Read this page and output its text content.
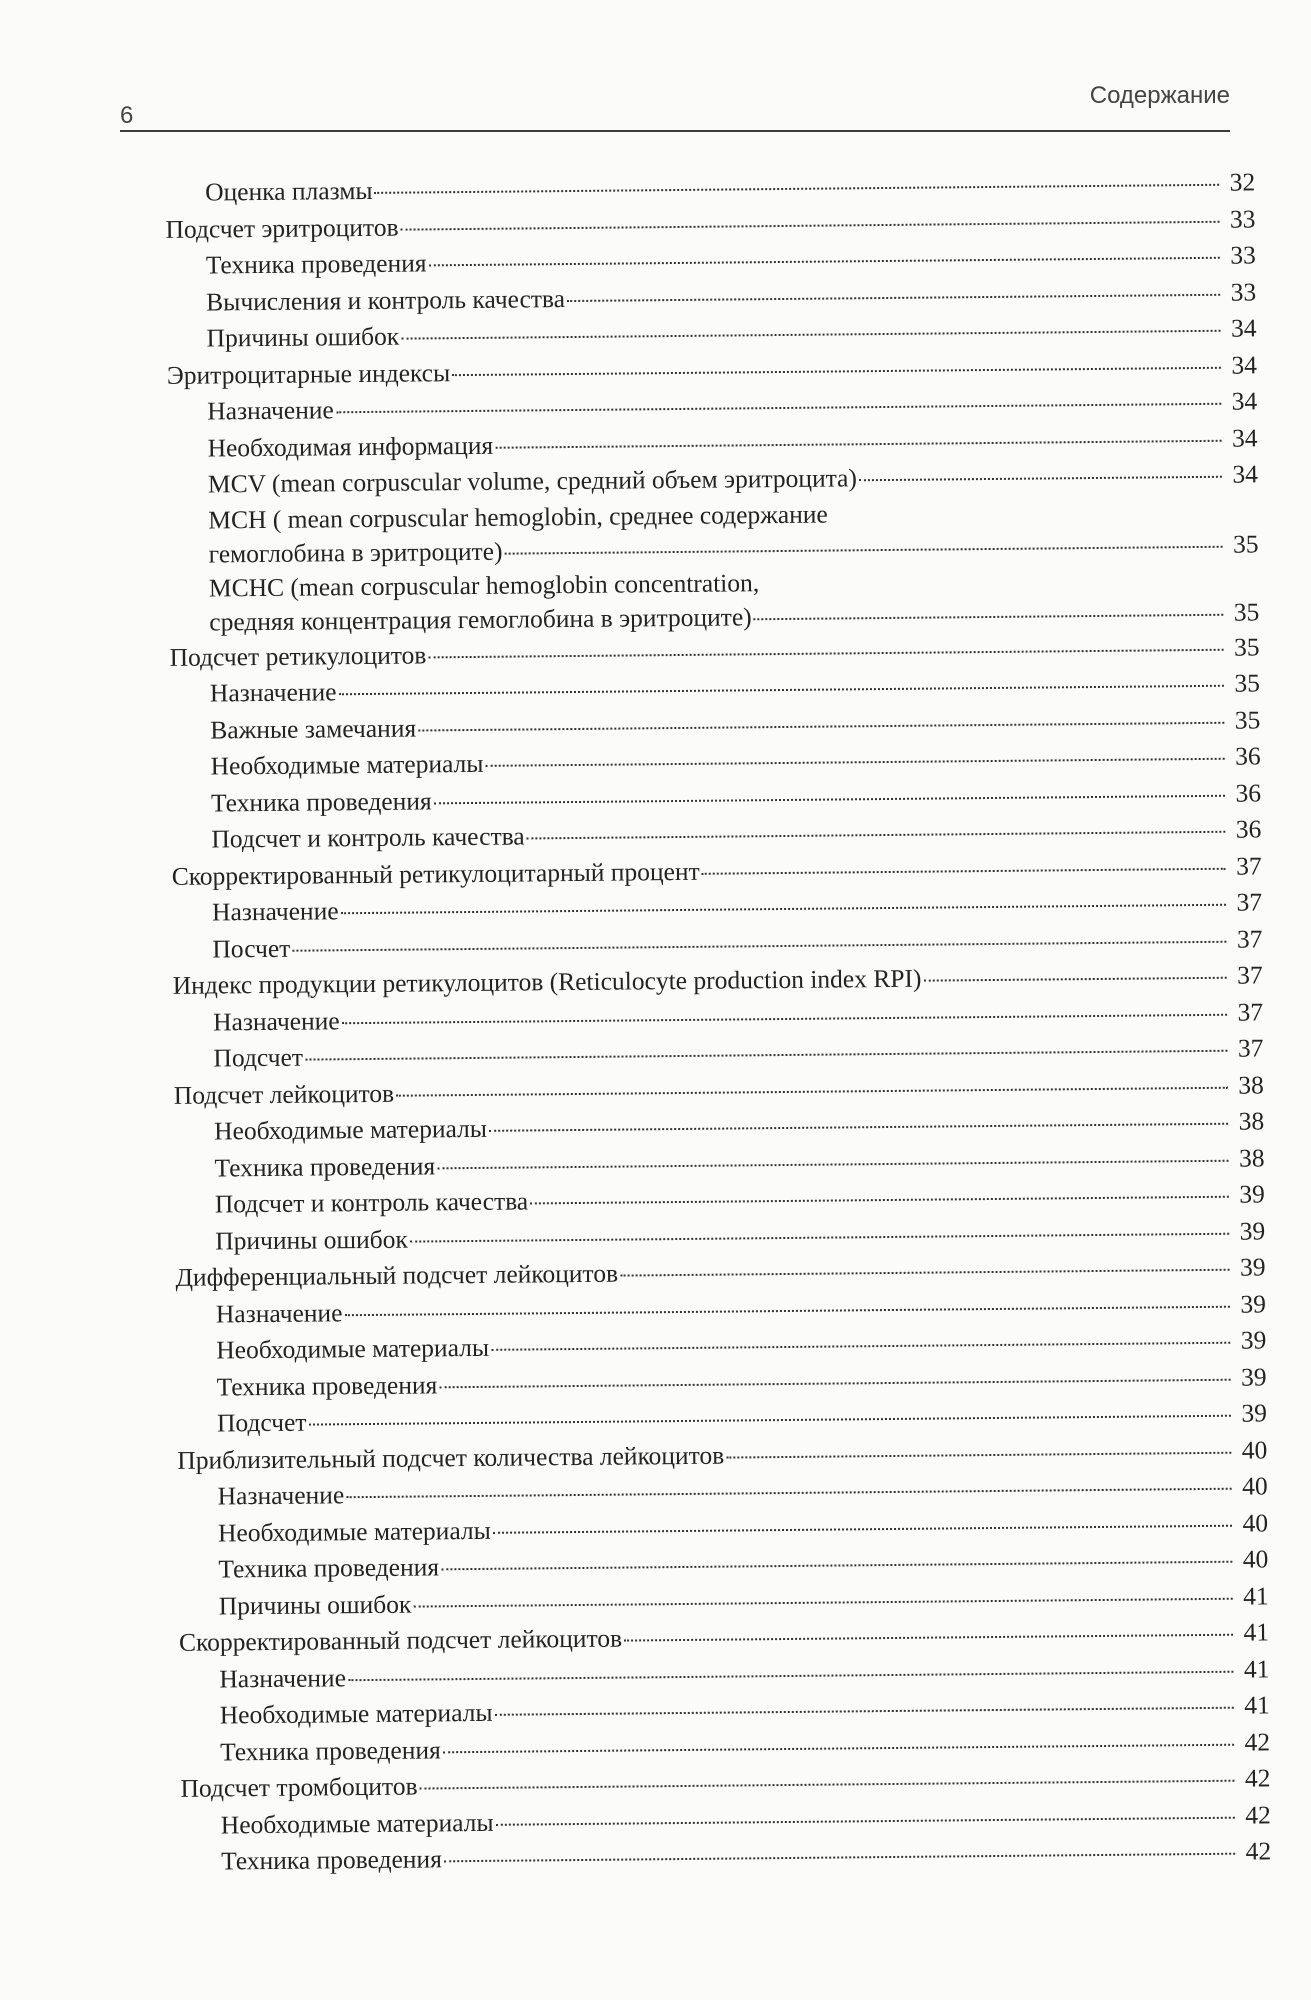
6
Содержание
Оценка плазмы	32
Подсчет эритроцитов	33
Техника проведения	33
Вычисления и контроль качества	33
Причины ошибок	34
Эритроцитарные индексы	34
Назначение	34
Необходимая информация	34
MCV (mean corpuscular volume, средний объем эритроцита)	34
MCH ( mean corpuscular hemoglobin, среднее содержание
гемоглобина в эритроците)	35
MCHC (mean corpuscular hemoglobin concentration,
средняя концентрация гемоглобина в эритроците)	35
Подсчет ретикулоцитов	35
Назначение	35
Важные замечания	35
Необходимые материалы	36
Техника проведения	36
Подсчет и контроль качества	36
Скорректированный ретикулоцитарный процент	37
Назначение	37
Посчет	37
Индекс продукции ретикулоцитов (Reticulocyte production index RPI)	37
Назначение	37
Подсчет	37
Подсчет лейкоцитов	38
Необходимые материалы	38
Техника проведения	38
Подсчет и контроль качества	39
Причины ошибок	39
Дифференциальный подсчет лейкоцитов	39
Назначение	39
Необходимые материалы	39
Техника проведения	39
Подсчет	39
Приблизительный подсчет количества лейкоцитов	40
Назначение	40
Необходимые материалы	40
Техника проведения	40
Причины ошибок	41
Скорректированный подсчет лейкоцитов	41
Назначение	41
Необходимые материалы	41
Техника проведения	42
Подсчет тромбоцитов	42
Необходимые материалы	42
Техника проведения	42
